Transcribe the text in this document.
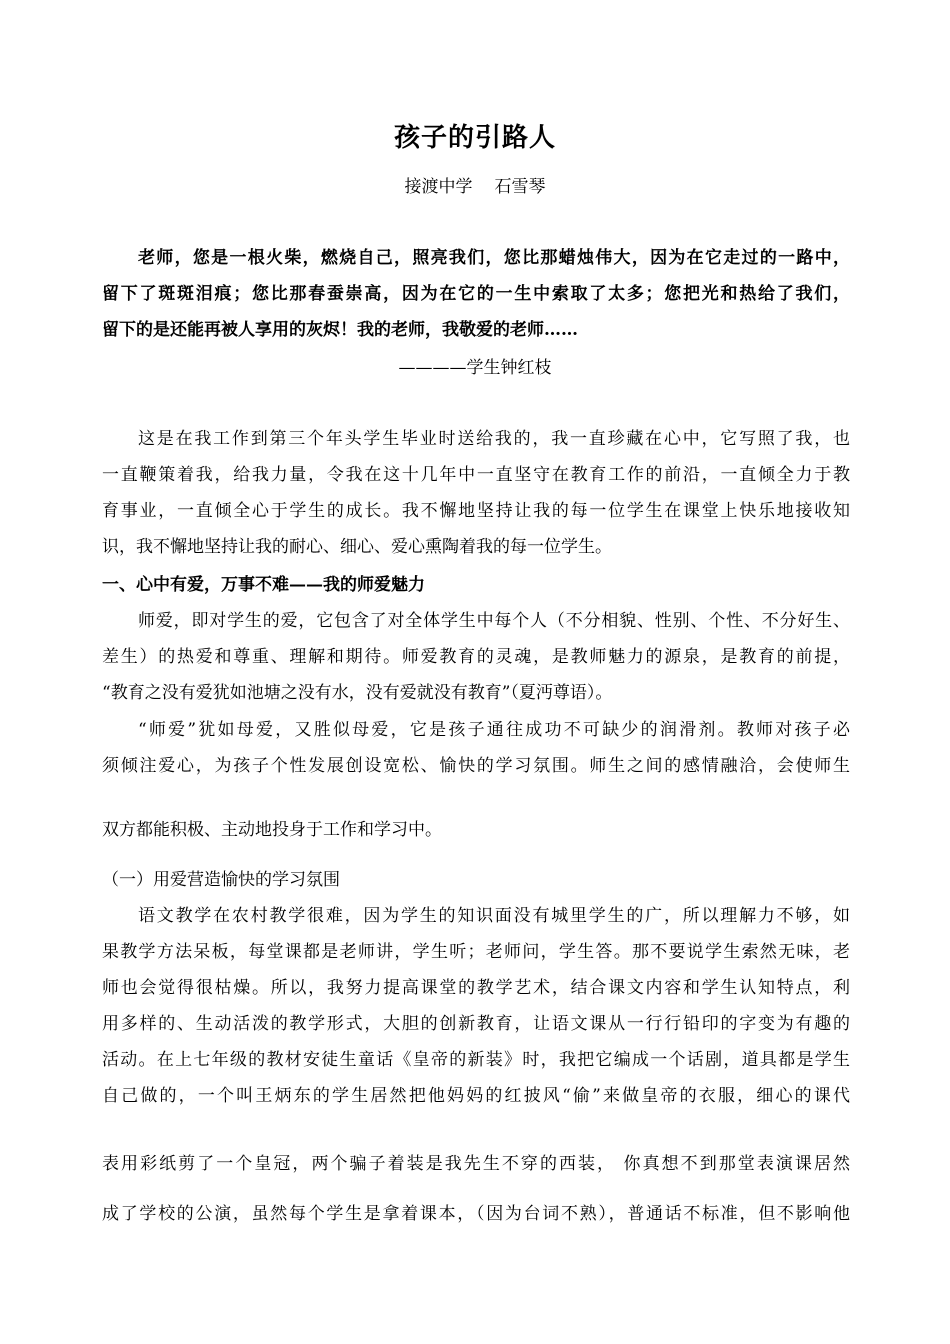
孩子的引路人
接渡中学 石雪琴
老师，您是一根火柴，燃烧自己，照亮我们，您比那蜡烛伟大，因为在它走过的一路中，
留下了斑斑泪痕；您比那春蚕崇高，因为在它的一生中索取了太多；您把光和热给了我们，
留下的是还能再被人享用的灰烬！我的老师，我敬爱的老师……
————学生钟红枝
这是在我工作到第三个年头学生毕业时送给我的，我一直珍藏在心中，它写照了我，也
一直鞭策着我，给我力量，令我在这十几年中一直坚守在教育工作的前沿，一直倾全力于教
育事业，一直倾全心于学生的成长。我不懈地坚持让我的每一位学生在课堂上快乐地接收知
识，我不懈地坚持让我的耐心、细心、爱心熏陶着我的每一位学生。
一、心中有爱，万事不难——我的师爱魅力
师爱，即对学生的爱，它包含了对全体学生中每个人（不分相貌、性别、个性、不分好生、
差生）的热爱和尊重、理解和期待。师爱教育的灵魂，是教师魅力的源泉，是教育的前提，
“教育之没有爱犹如池塘之没有水，没有爱就没有教育”（夏沔尊语）。
“师爱”犹如母爱，又胜似母爱，它是孩子通往成功不可缺少的润滑剂。教师对孩子必
须倾注爱心，为孩子个性发展创设宽松、愉快的学习氛围。师生之间的感情融洽，会使师生
双方都能积极、主动地投身于工作和学习中。
（一）用爱营造愉快的学习氛围
语文教学在农村教学很难，因为学生的知识面没有城里学生的广，所以理解力不够，如
果教学方法呆板，每堂课都是老师讲，学生听；老师问，学生答。那不要说学生索然无味，老
师也会觉得很枯燥。所以，我努力提高课堂的教学艺术，结合课文内容和学生认知特点，利
用多样的、生动活泼的教学形式，大胆的创新教育，让语文课从一行行铅印的字变为有趣的
活动。在上七年级的教材安徒生童话《皇帝的新装》时，我把它编成一个话剧，道具都是学生
自己做的，一个叫王炳东的学生居然把他妈妈的红披风“偷”来做皇帝的衣服，细心的课代
表用彩纸剪了一个皇冠，两个骗子着装是我先生不穿的西装， 你真想不到那堂表演课居然
成了学校的公演，虽然每个学生是拿着课本，（因为台词不熟），普通话不标准，但不影响他
